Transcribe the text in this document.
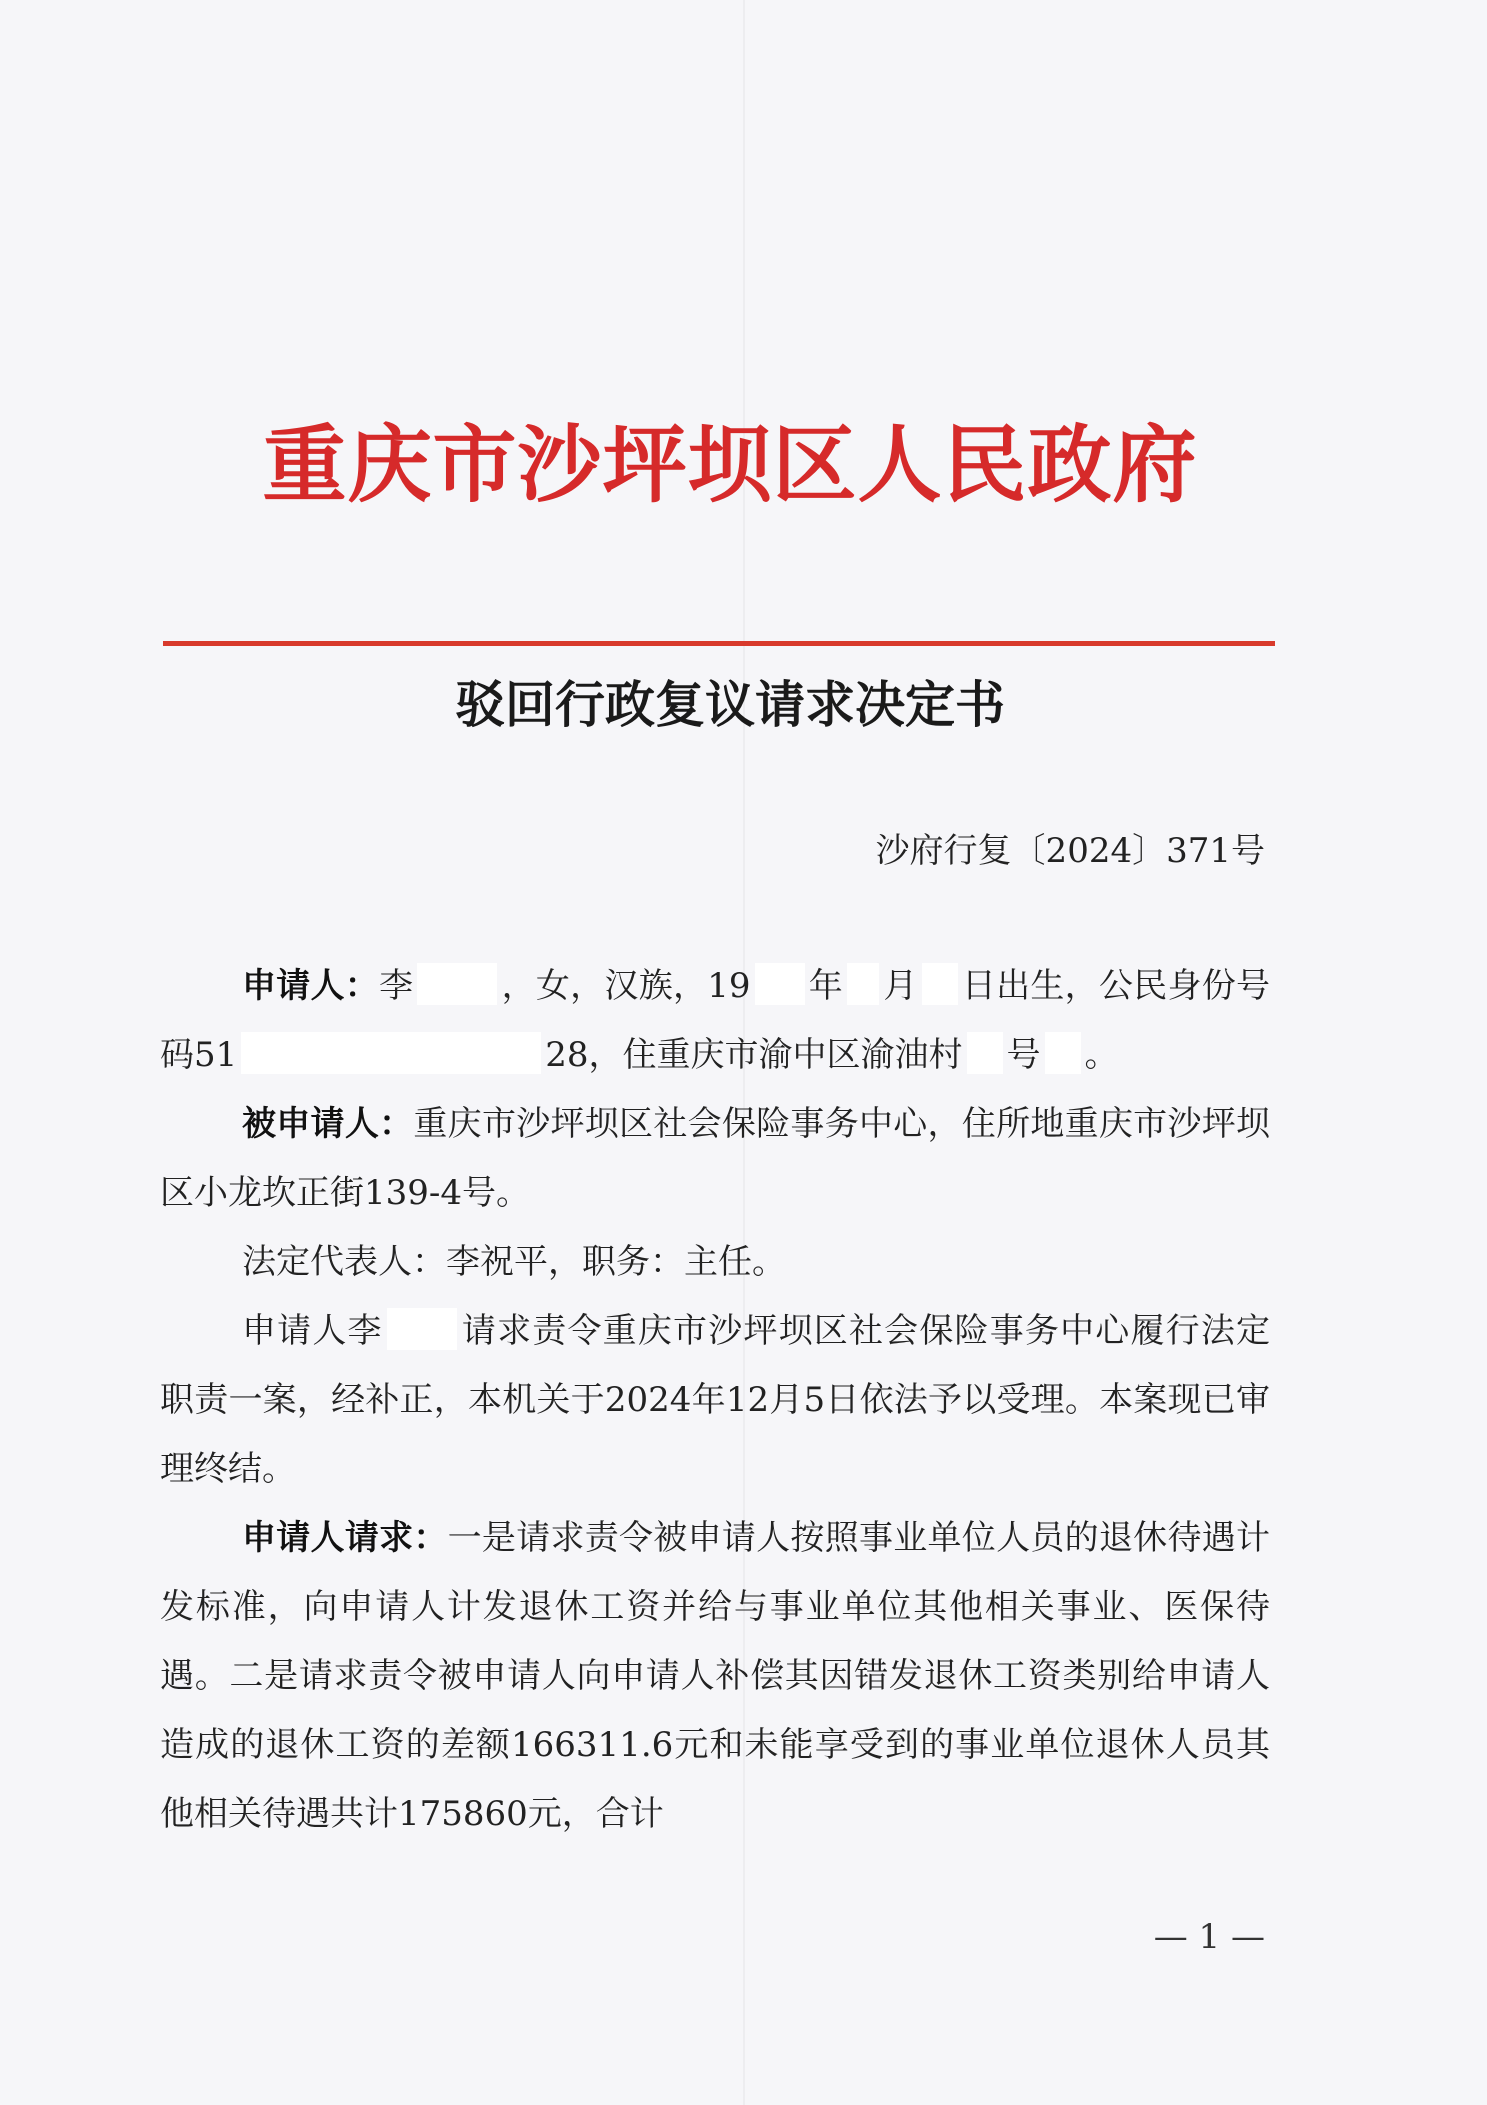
重庆市沙坪坝区人民政府
驳回行政复议请求决定书
沙府行复〔2024〕371号

申请人：李	，女，汉族，19 年 月 日出生，公民身份号码51	28，住重庆市渝中区渝油村 号 。

被申请人：重庆市沙坪坝区社会保险事务中心，住所地重庆市沙坪坝区小龙坎正街139-4号。

法定代表人：李祝平，职务：主任。

申请人李 请求责令重庆市沙坪坝区社会保险事务中心履行法定职责一案，经补正，本机关于2024年12月5日依法予以受理。本案现已审理终结。

申请人请求：一是请求责令被申请人按照事业单位人员的退休待遇计发标准，向申请人计发退休工资并给与事业单位其他相关事业、医保待遇。二是请求责令被申请人向申请人补偿其因错发退休工资类别给申请人造成的退休工资的差额166311.6元和未能享受到的事业单位退休人员其他相关待遇共计175860元，合计

— 1 —
